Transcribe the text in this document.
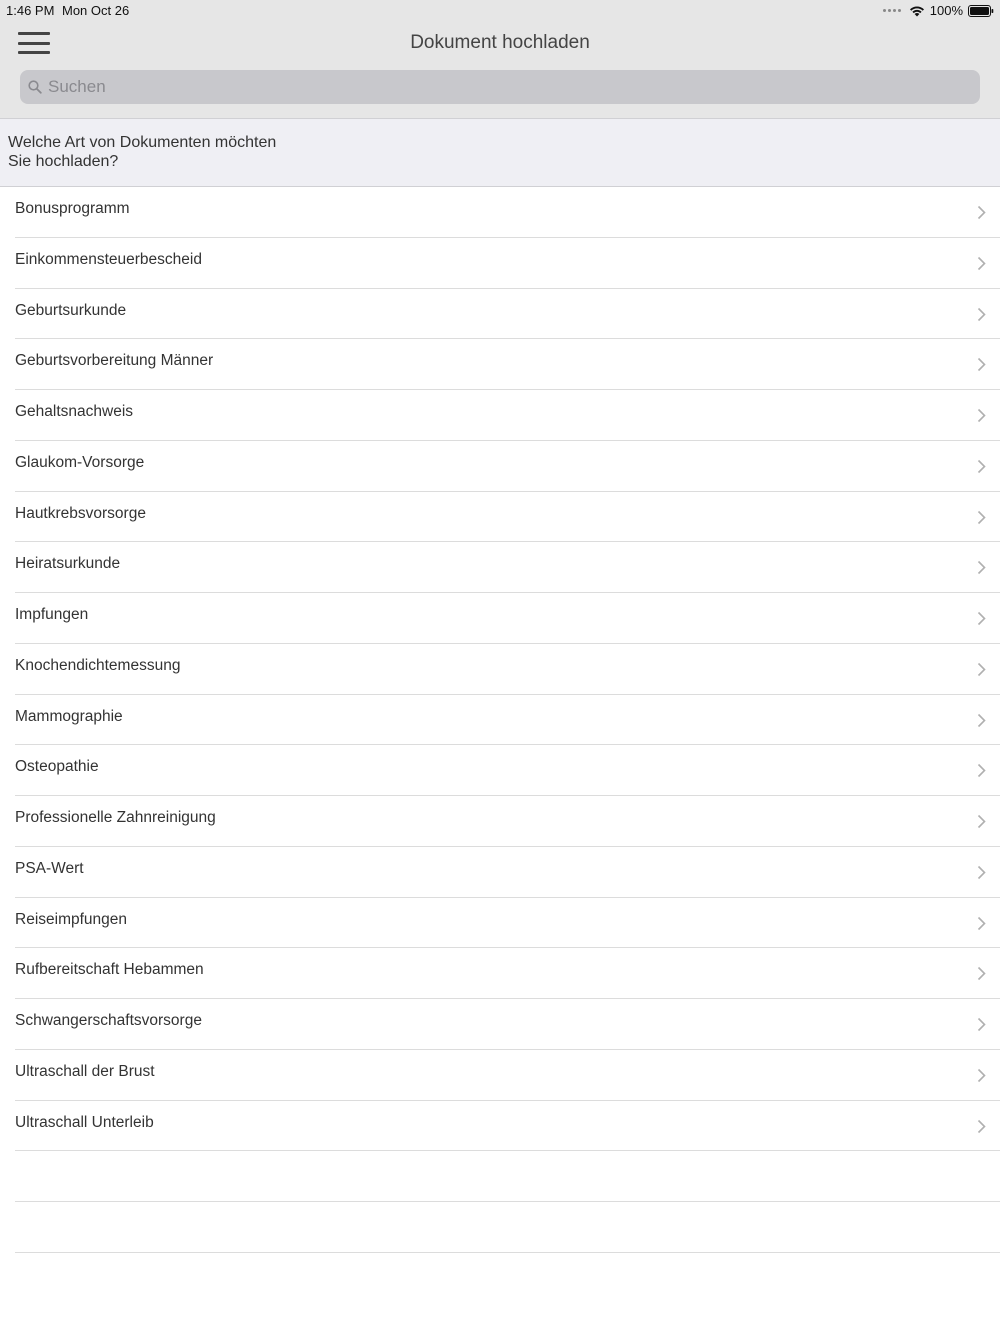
1:46 PM Mon Oct 26	100%
Dokument hochladen
Suchen
Welche Art von Dokumenten möchten
Sie hochladen?
Bonusprogramm
Einkommensteuerbescheid
Geburtsurkunde
Geburtsvorbereitung Männer
Gehaltsnachweis
Glaukom-Vorsorge
Hautkrebsvorsorge
Heiratsurkunde
Impfungen
Knochendichtemessung
Mammographie
Osteopathie
Professionelle Zahnreinigung
PSA-Wert
Reiseimpfungen
Rufbereitschaft Hebammen
Schwangerschaftsvorsorge
Ultraschall der Brust
Ultraschall Unterleib
